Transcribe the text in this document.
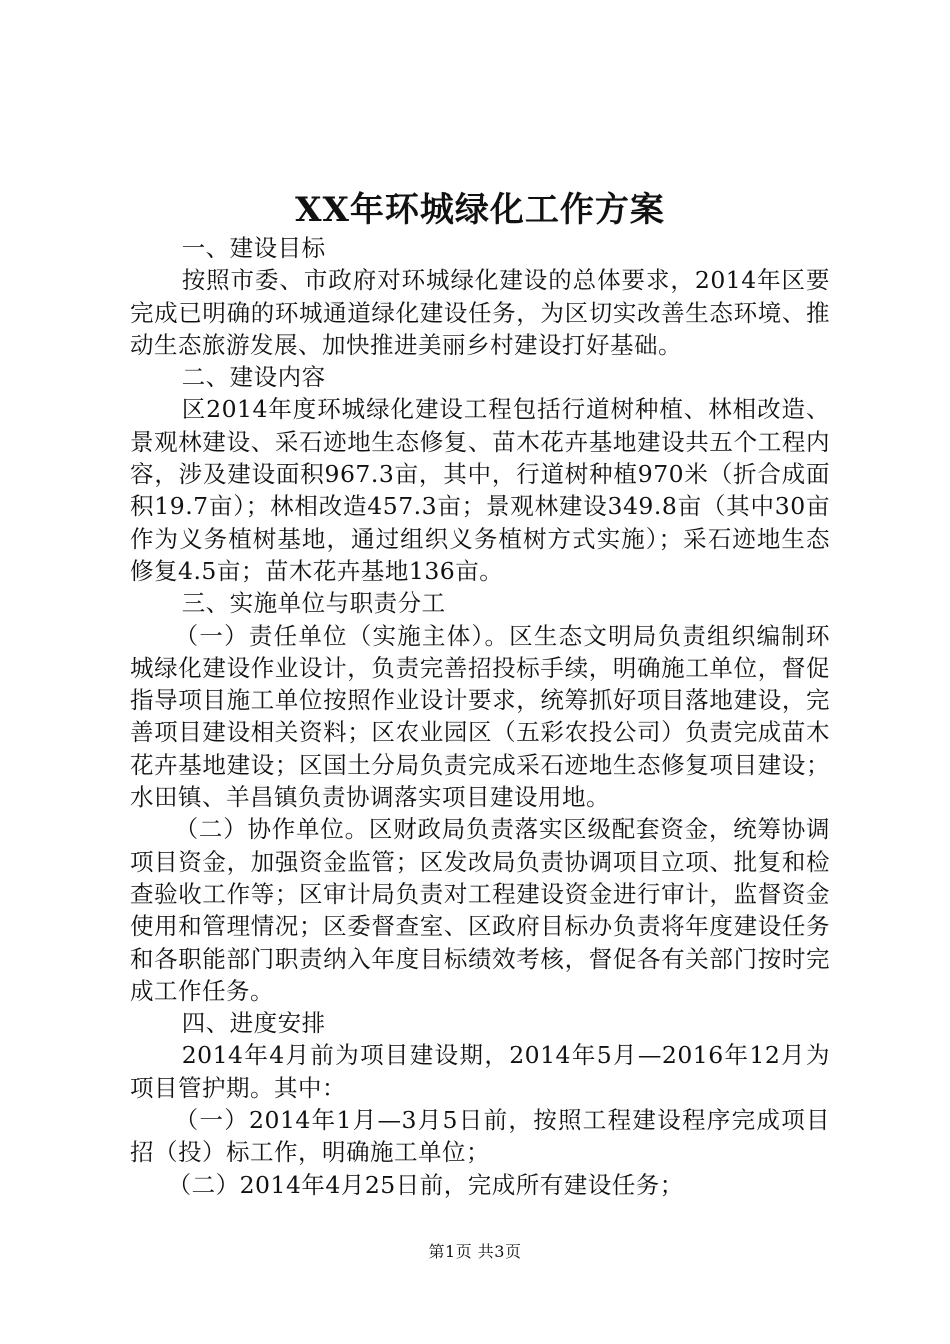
XX年环城绿化工作方案

一、建设目标

按照市委、市政府对环城绿化建设的总体要求，2014年区要完成已明确的环城通道绿化建设任务，为区切实改善生态环境、推动生态旅游发展、加快推进美丽乡村建设打好基础。

二、建设内容

区2014年度环城绿化建设工程包括行道树种植、林相改造、景观林建设、采石迹地生态修复、苗木花卉基地建设共五个工程内容，涉及建设面积967.3亩，其中，行道树种植970米（折合成面积19.7亩）；林相改造457.3亩；景观林建设349.8亩（其中30亩作为义务植树基地，通过组织义务植树方式实施）；采石迹地生态修复4.5亩；苗木花卉基地136亩。

三、实施单位与职责分工

（一）责任单位（实施主体）。区生态文明局负责组织编制环城绿化建设作业设计，负责完善招投标手续，明确施工单位，督促指导项目施工单位按照作业设计要求，统筹抓好项目落地建设，完善项目建设相关资料；区农业园区（五彩农投公司）负责完成苗木花卉基地建设；区国土分局负责完成采石迹地生态修复项目建设；水田镇、羊昌镇负责协调落实项目建设用地。

（二）协作单位。区财政局负责落实区级配套资金，统筹协调项目资金，加强资金监管；区发改局负责协调项目立项、批复和检查验收工作等；区审计局负责对工程建设资金进行审计，监督资金使用和管理情况；区委督查室、区政府目标办负责将年度建设任务和各职能部门职责纳入年度目标绩效考核，督促各有关部门按时完成工作任务。

四、进度安排

2014年4月前为项目建设期，2014年5月—2016年12月为项目管护期。其中：

（一）2014年1月—3月5日前，按照工程建设程序完成项目招（投）标工作，明确施工单位；

（二）2014年4月25日前，完成所有建设任务；

第1页 共3页
